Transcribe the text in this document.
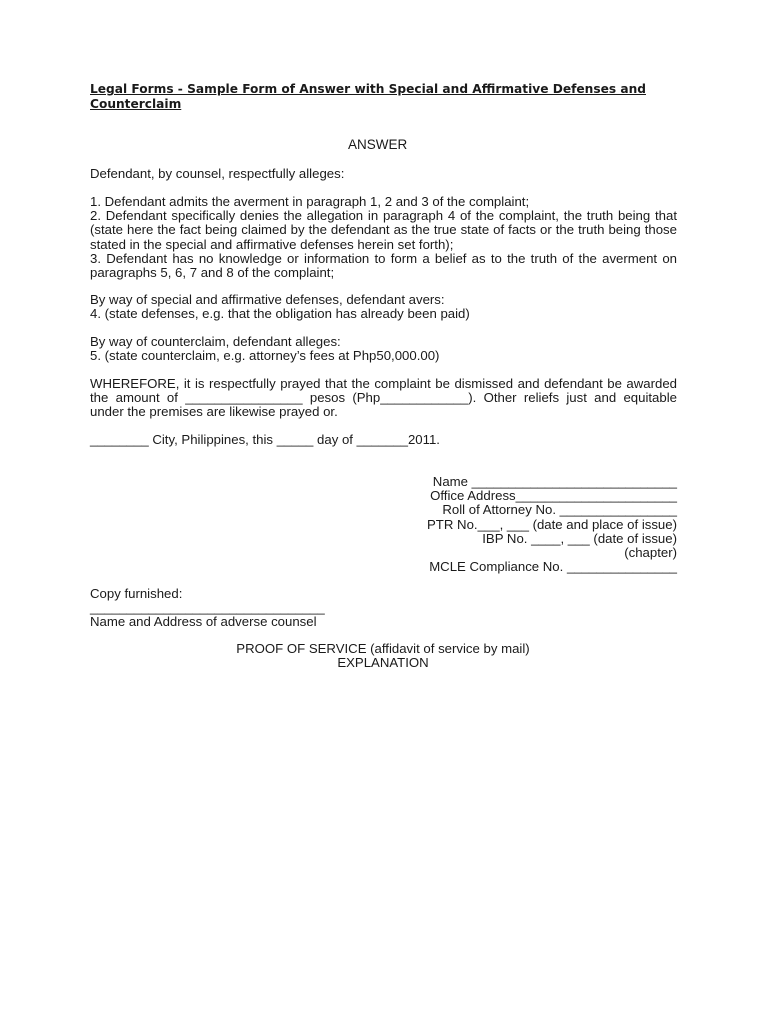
Legal Forms - Sample Form of Answer with Special and Affirmative Defenses and
Counterclaim
ANSWER

Defendant, by counsel, respectfully alleges:

1. Defendant admits the averment in paragraph 1, 2 and 3 of the complaint;

2. Defendant specifically denies the allegation in paragraph 4 of the complaint, the truth being that (state here the fact being claimed by the defendant as the true state of facts or the truth being those stated in the special and affirmative defenses herein set forth);

3. Defendant has no knowledge or information to form a belief as to the truth of the averment on paragraphs 5, 6, 7 and 8 of the complaint;

By way of special and affirmative defenses, defendant avers:

4. (state defenses, e.g. that the obligation has already been paid)

By way of counterclaim, defendant alleges:

5. (state counterclaim, e.g. attorney’s fees at Php50,000.00)

WHEREFORE, it is respectfully prayed that the complaint be dismissed and defendant be awarded the amount of ________________ pesos (Php____________). Other reliefs just and equitable under the premises are likewise prayed or.

________ City, Philippines, this _____ day of _______2011.

Name ____________________________
Office Address______________________
Roll of Attorney No. ________________
PTR No.___, ___ (date and place of issue)
IBP No. ____, ___ (date of issue)
(chapter)
MCLE Compliance No. _______________

Copy furnished:

________________________________

Name and Address of adverse counsel

PROOF OF SERVICE (affidavit of service by mail)
EXPLANATION
